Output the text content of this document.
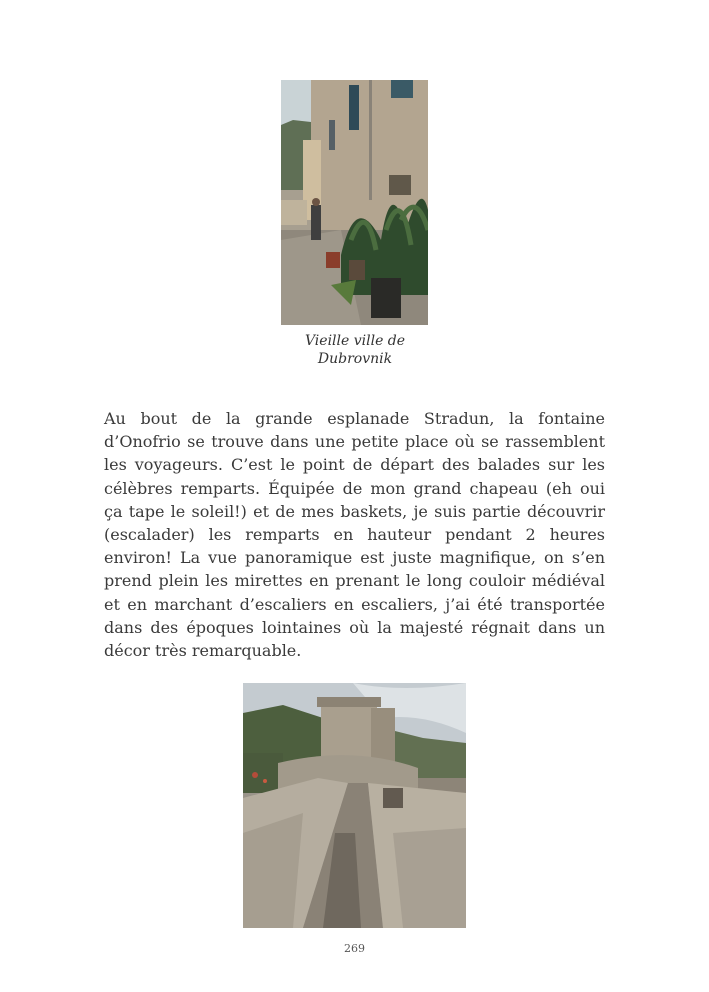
Vieille ville de
Dubrovnik

Au bout de la grande esplanade Stradun, la fontaine d’Onofrio se trouve dans une petite place où se rassemblent les voyageurs. C’est le point de départ des balades sur les célèbres remparts. Équipée de mon grand chapeau (eh oui ça tape le soleil!) et de mes baskets, je suis partie découvrir (escalader) les remparts en hauteur pendant 2 heures environ! La vue panoramique est juste magnifique, on s’en prend plein les mirettes en prenant le long couloir médiéval et en marchant d’escaliers en escaliers, j’ai été transportée dans des époques lointaines où la majesté régnait dans un décor très remarquable.

269
